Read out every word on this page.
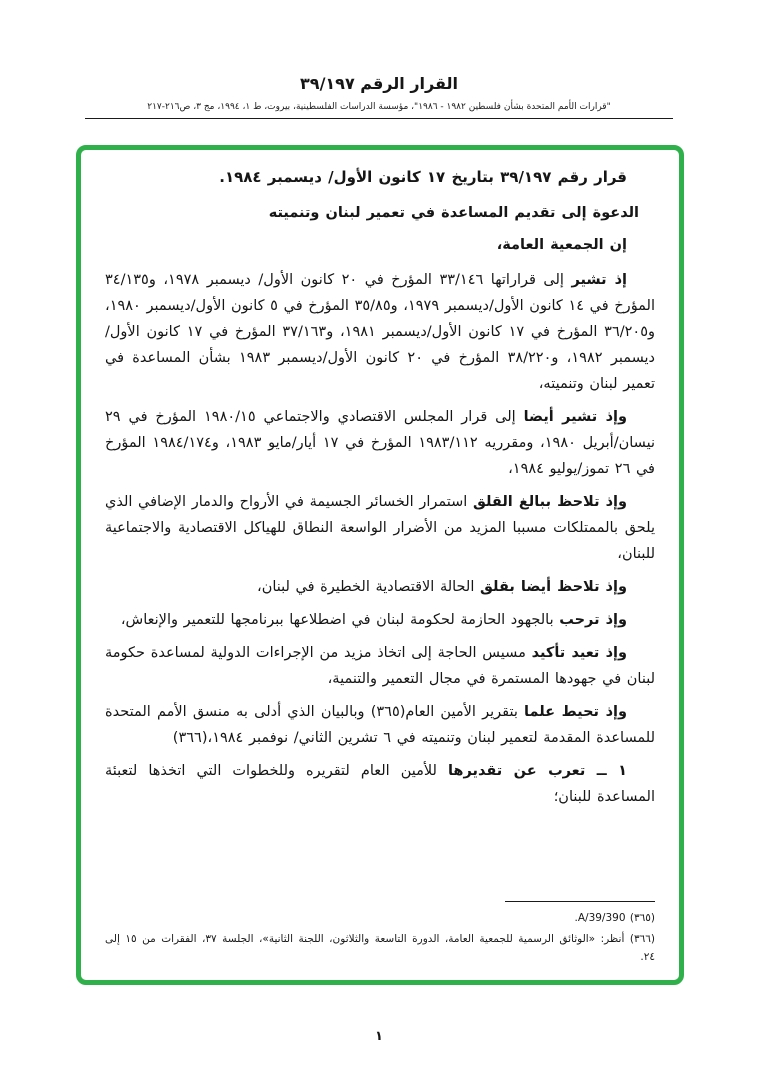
القرار الرقم ٣٩/١٩٧
"قرارات الأمم المتحدة بشأن فلسطين ١٩٨٢ - ١٩٨٦"، مؤسسة الدراسات الفلسطينية، بيروت، ط ١، ١٩٩٤، مج ٣، ص٢١٦-٢١٧

قرار رقم ٣٩/١٩٧ بتاريخ ١٧ كانون الأول/ ديسمبر ١٩٨٤.

الدعوة إلى تقديم المساعدة في تعمير لبنان وتنميته

إن الجمعية العامة،

إذ تشير إلى قراراتها ٣٣/١٤٦ المؤرخ في ٢٠ كانون الأول/ ديسمبر ١٩٧٨، و٣٤/١٣٥ المؤرخ في ١٤ كانون الأول/ديسمبر ١٩٧٩، و٣٥/٨٥ المؤرخ في ٥ كانون الأول/ديسمبر ١٩٨٠، و٣٦/٢٠٥ المؤرخ في ١٧ كانون الأول/ديسمبر ١٩٨١، و٣٧/١٦٣ المؤرخ في ١٧ كانون الأول/ديسمبر ١٩٨٢، و٣٨/٢٢٠ المؤرخ في ٢٠ كانون الأول/ديسمبر ١٩٨٣ بشأن المساعدة في تعمير لبنان وتنميته،

وإذ تشير أيضا إلى قرار المجلس الاقتصادي والاجتماعي ١٩٨٠/١٥ المؤرخ في ٢٩ نيسان/أبريل ١٩٨٠، ومقرريه ١٩٨٣/١١٢ المؤرخ في ١٧ أيار/مايو ١٩٨٣، و١٩٨٤/١٧٤ المؤرخ في ٢٦ تموز/يوليو ١٩٨٤،

وإذ تلاحظ ببالغ القلق استمرار الخسائر الجسيمة في الأرواح والدمار الإضافي الذي يلحق بالممتلكات مسببا المزيد من الأضرار الواسعة النطاق للهياكل الاقتصادية والاجتماعية للبنان،

وإذ تلاحظ أيضا بقلق الحالة الاقتصادية الخطيرة في لبنان،

وإذ ترحب بالجهود الحازمة لحكومة لبنان في اضطلاعها ببرنامجها للتعمير والإنعاش،

وإذ تعيد تأكيد مسيس الحاجة إلى اتخاذ مزيد من الإجراءات الدولية لمساعدة حكومة لبنان في جهودها المستمرة في مجال التعمير والتنمية،

وإذ تحيط علما بتقرير الأمين العام(٣٦٥) وبالبيان الذي أدلى به منسق الأمم المتحدة للمساعدة المقدمة لتعمير لبنان وتنميته في ٦ تشرين الثاني/ نوفمبر ١٩٨٤،(٣٦٦)

١ ــ تعرب عن تقديرها للأمين العام لتقريره وللخطوات التي اتخذها لتعبئة المساعدة للبنان؛

(٣٦٥) A/39/390.
(٣٦٦) أنظر: «الوثائق الرسمية للجمعية العامة، الدورة التاسعة والثلاثون، اللجنة الثانية»، الجلسة ٣٧، الفقرات من ١٥ إلى ٢٤.
١
